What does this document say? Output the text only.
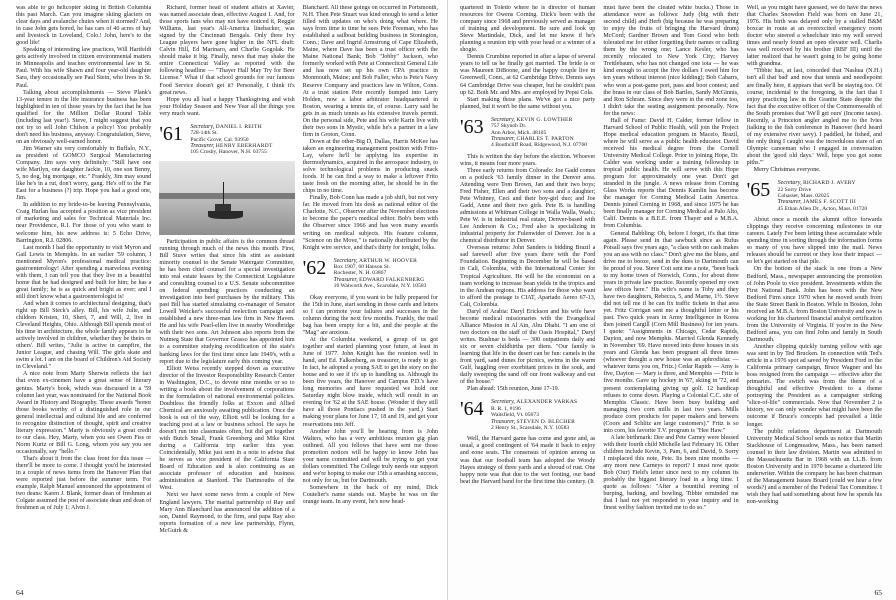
was able to go helicopter skiing in British Columbia this past March. Can you imagine skiing glaciers on clear days and avalanche chutes when it stormed? And, in case John gets bored, he has cars of 40 acres of hay and livestock in Loveland, Colo.! John, here's to the good life!

Speaking of interesting law practices, Will Hartfeldt gets actively involved in citizen environmental matters in Minneapolis and teaches environmental law in St. Paul. With his wife Shawn and four year-old daughter Sara, they occasionally see Paul Stein, who lives in St. Paul.

Talking about accomplishments — Steve Plank's 13-year tenure in the life insurance business has been highlighted in ten of those years by the fact that he has qualified for the Million Dollar Round Table (including last year!). Steve, I might suggest that you not try to sell John Chilson a policy! You probably don't need his business, anyway. Congratulation, Steve, on an obviously well-earned honor.

Jim Warner sits very comfortably in Buffalo, N.Y., as president of GOMCO Surgical Manufacturing Company. Jim says very definitely: "Still have one wife Marilyn, one daughter Jackie, 10, one son Benny, 5, no dog, big mortgage, etc." Frankly, Jim may sound like he's in a rut, don't worry, gang. He's off to the Far East for a business (?) trip. Hope you had a good one, Jim.

In addition to my bride-to-be leaving Pennsylvania, Craig Harlan has accepted a position as vice president of marketing and sales for Technical Materials Inc. near Providence, R.I. For those of you who want to welcome him, his new address is: 5 Echo Drive, Barrington, R.I. 02806.

Last month I had the opportunity to visit Myron and Gail Lewis in Memphis. In an earlier '59 column, I mentioned Myron's professional medical practice: gastroenterology! After spending a marvelous evening with them, I can tell you that they live in a beautiful home that he had designed and built for him; he has a great family; he is as quick and bright as ever; and I still don't know what a gastroenterologist is!

And when it comes to architectural designing, that's right up Bill Steck's alley. Bill, his wife Julie, and children Kristen, 10, Sheri, 7, and Will, 2, live in Cleveland Heights, Ohio. Although Bill spends most of his time in architecture, the whole family appears to be actively involved in children, whether they be theirs or others'. Bill writes, "Julie is active in campfire, the Junior League, and chasing Will. The girls skate and swim a lot. I am on the board of Children's Aid Society in Cleveland."

A nice note from Marty Sherwin reflects the fact that even ex-cinemen have a great sense of literary genius. Marty's book, which was discussed in a '59 column last year, was nominated for the National Book Award in History and Biography. These awards "honor those books worthy of a distinguished role in our general intellectual and cultural life and are conferred to recognize distinction of thought, spirit and creative literary expression." Marty is obviously a great credit to our class. Hey, Marty, when you see Owen Fiss or Norm Kurtz or Bill G. Long, whom you say you see occasionally, say "hello."

That's about it from the class front for this issue — there'll be more to come. I thought you'd be interested in a couple of news items from the Hanover Plan that were reported just before the summer term. For example, Ralph Manuel announced the appointment of two deans: Karen J. Blank, former dean of freshmen at Colgate assumed the post of associate dean and dean of freshmen as of July 1; Alvin J.

Richard, former head of student affairs at Xavier, was named associate dean, effective August 1. And, for those sports fans who may not have noticed it, Reggie Williams, last year's All-America linebacker, was signed by the Cincinnati Bengals. Only three Ivy League players have gone higher in the NFL draft: Calvin Hill, Ed Marinaro, and Charlie Gogolak. He should make it big. Finally, news that may shake the entire Connecticut Valley as reported with the following headline — "Thayer Hall May Try for Beer License." What if that school grounds for our famous Food Service doesn't get it? Personally, I think it's great news.

Hope you all had a happy Thanksgiving and wish your Holiday Season and New Year all the things you very much want.

'61	Secretary, DANIEL I. REITH
728-14th St.
Pacific Grove, Cal. 93950
Treasurer, HENRY EBERHARDT
105 Crosby, Hanover, N.H. 03755

Participation in public affairs is the common thread running through much of the news this month. First, Bill Stuve writes that since his stint as assistant minority counsel to the Senate Watergate Committee, he has been chief counsel for a special investigation into real estate leases by the Connecticut Legislature and consulting counsel to a U.S. Senate subcommittee on federal spending practices conducting an investigation into beef purchases by the military. This past Bill has started simulating co-manager of Senator Lowell Weicker's successful reelection campaign and established a new three-man law firm in New Haven. He and his wife Pearl-ellen live in nearby Woodbridge with their two sons. Art Johnson also reports from the Nutmeg State that Governor Grasso has appointed him to a committee studying recodification of the state's banking laws for the first time since late 1949's, with a report due to the legislature early this coming year.

Elliott Weiss recently stepped down as executive director of the Investor Responsibility Research Center in Washington, D.C., to devote nine months or so to writing a book about the involvement of corporations in the formulation of national environmental policies. Doubtless the friendly folks at Exxon and Allied Chemical are anxiously awaiting publication. Once the book is out of the way, Elliott will be looking for a teaching post at a law or business school. He says he doesn't run into classmates often, but did get together with Butch Small, Frank Greenberg and Mike Kirst during a California trip earlier this year. Coincidentally, Mike just sent in a note to advise that he serves as vice president of the California State Board of Education and is also continuing as an associate professor of education and business administration at Stanford. The Dartmouths of the West.

Next we have some news from a couple of New England lawyers. The marital partnership of Ray and Mary Ann Blanchard has announced the addition of a son, Daniel Raymond, to the firm, and papa Ray also reports formation of a new law partnership, Flynn, McGuirk &

Blanchard. All these goings on occurred in Portsmouth, N.H. Then Pete Stuart was kind enough to send a letter filled with updates on who's doing what where. He says from time to time he sees Pete Freeman, who has established a sailboat building business in Stonington, Conn.; Dave and Ingrid Armstrong of Cape Elizabeth, Maine, where Dave has been a trust officer with the Maine National Bank; Bob "Jobby" Jackson, who formerly worked with Pete at Connecticut General Life and has now set up his own CPA practice in Monmouth, Maine; and Bob Fuller, who is Pete's Navy Reserve Company and practices law in Wilton, Conn. At a trust station Pete recently bumped into Larry Holden, now a labor arbitrator headquartered in Boston, wearing a tennis tie, of course. Larry said he gets in as much tennis as his extensive travels permit. On the personal side, Pete and his wife Karin live with their two sons in Mystic, while he's a partner in a law firm in Groton, Conn.

Down at the other-Big D, Dallas, Harris McKee has taken an engineering management position with Frito-Lay, where he'll be applying his expertise in thermodynamics, acquired in the aerospace industry, to solve technological problems in producing snack foods. If he can find a way to make a leftover Frito taste fresh on the morning after, he should be in the chips in no time.

Finally, Bob Conn has made a job shift, but not very far. He moved from his desk as national editor of the Charlotte, N.C., Observer after the November elections to become the paper's medical editor. Bob's been with the Observer since 1966 and has won many awards writing on medical subjects. His feature column, "Science on the Move," is nationally distributed by the Knight wire service, and that's thirty for tonight, folks.

'62	Secretary, ARTHUR W. HOOVER
Box 1907, 60 Hanson St.
Rochester, N. H. 03867
Treasurer, EDWARD FALKENBERG
16 Walworth Ave., Scarsdale, N.Y. 10583

Okay everyone, if you want to be fully prepared for the 15th in June, start sending in those cards and letters so I can promote your failures and successes in the column during the next few months. Frankly, the mail bag has been empty for a bit, and the people at the "Mag" are anxious.

At the Columbia weekend, a group of us got together and started planning your future, at least in June of 1977. John Knight has the reunion well in hand, and Ed. Falkenberg, as treasurer, is ready to go. In fact, he adopted a young SAE to get the story on the house and to see if it's up to handling us. Although its been five years, the Hanover and Campus P.D.'s have long memories and have requested we hold our Saturday night blow inside, which will result in an evening for '62 at the SAE house. (Wonder if they still have all those Pontiacs pushed in the yard.) Start making your plans for June 17, 18 and 19, and get your reservations into Jeff.

Another John you'll be hearing from is John Walters, who has a very ambitious reunion gig plan outlined. All you fellows that have sent me those promotion notices will be happy to know John has your name committed and will be trying to get your dollars committed. The College truly needs our support and we're hoping to make our 15th a smashing success, not only for us, but for Dartmouth.

Somewhere in the back of my mind, Dick Coutelier's name stands out. Maybe he was on the orange team. In any event, he's now head-

64

quartered in Toledo where he is director of human resources for Owens Corning. Dick's been with the company since 1968 and previously served as manager of training and development. Be sure and look up Steve Martindale, Dick, and let me know if he's planning a reunion trip with your head or a winner of a shogie.

Dennis Crumbine reported in after a lapse of several years to tell us he finally got married. The bride is or was Maureen DiBoone, and the happy couple live in Greenwell, Conn., at 62 Cambridge Drive. Dennis says 64 Cambridge Drive was cheaper, but he couldn't pass up 62. Both Mr. and Mrs. are employed by Pepsi Cola.

Start making those plans. We've got a nice party planned, but it won't be the same without you.

'63	Secretary, KEVIN G. LOWTHER
757 Skynob Dr.
Ann Arbor, Mich. 48105
Treasurer, CHARLES T. PARTON
4 Bouthcliff Road, Ridgewood, N.J. 07760

This is written the day before the election. Whoever wins, it means four more years.

Three early returns from Colorado: Joe Gadd comes on a potluck '63 family dinner in the Denver area. Attending were Tom Brown, Jan and their two boys; Fred Fisher, Ellen and their two sons and a daughter; Pete Whitney, Ceci and their boy-girl duo; and Joe Gadd, Anne and their two girls. Pete B. is handling admissions at Whitman College in Walla Walla, Wash.; Pete W. is in industrial real estate, Denver-based with Lee Anderson & Co.; Fred also is specializing in industrial property for Fulenwider of Denver. Joe is a chemical distributor in Denver.

Overseas returns: John Sanders is bidding Brazil a sad farewell after five years there with the Ford Foundation. Beginning in December he will be based in Cali, Colombia, with the International Center for Tropical Agriculture. He will be the economist on a team working to increase bean yields in the tropics and in the Andean regions. His address for those who want to afford the postage is CIAT, Apartado Aereo 67-13, Cali, Colombia.

Daryl of Arabia: Daryl Erickson and his wife have become medical missionaries with the Evangelical Alliance Mission in Al Ain, Abu Dhabi. "I am one of two doctors on the staff of the Oasis Hospital," Daryl writes. Bushnar is beda — 300 outpatients daily and six or seven childbirths per diem. "Our family is learning that life in the desert can be fun: camels in the front yard, sand dunes for picnics, swims in the warm Gulf, haggling over exorbitant prices in the souk, and daily sweeping the sand off our front walkway and out of the house."

Plan ahead: 15th reunion, June 17-19.

'64	Secretary, ALEXANDER VARKAS
R. R. 1, #196
Waitsfield, Vt. 05673
Treasurer, STEVEN D. BLECHER
2 Henry St., Scarsdale, N.Y. 10583

Well, the Harvard game has come and gone and, as usual, a good contingent of '64 made it back to enjoy and eone seats. The consensus of opinion among us was that our football team has adopted the Woody Hayes strategy of three yards and a shroud of rust. One happy note was that due to the wet footing, our band beat the Harvard band for the first time this century. (It

must have been the cleated white bucks.) Those in attendance were as follows: Judy (big with their second child) and Herb (big because he was preparing to enjoy the fruits of bringing the Harvard drum) McCord; Gardner Brown and Tom Good who both tolerated me for either forgetting their names or calling them by the wrong one; Lance Kesler, who has recently relocated to New York City; Harvey Trettlebaum, who has not changed one iota — he was kind enough to accept the five dollars I owed him for ten years without interest (nice kidding); Bob Cabarrs, who won a post-game port, pass and boot contest; and the brass in our class of Bob Bartles, Sandy McGinnis, and Ron Schram. Since they were in the end zone too, I didn't take the seating assignment personally. Now for the news:

Hall of Fame: David H. Calder, former fellow in Harvard School of Public Health, will join the Project Hope medical education program in Maceio, Brazil, where he will serve as a public health educator. David received his medical degree from the Cornell University Medical College. Prior to joining Hope, Dr. Calder was working under a training fellowship in tropical public health. He will serve with this Hope program for approximately one year. Don't get stranded in the jungle. A news release from Corning Glass Works reports that Dennis Kamlin has become the manager for Corning Medical Latin America. Dennis joined Corning in 1968, and since 1975 he has been finally manager for Corning Medical at Palo Alto, Calif. Dennis is a B.E.E. from Thayer and a M.B.A. from Columbia.

General Babbling: Oh, before I forget, it's that time again. Please send in that sawbuck since as Rufus Potsall says five years ago, "a class with no cash makes you an ass with no class." Don't give me the blues, and drive me to booze, send in the dues to Dartmouth can be proud of you. Steve Coit sent me a note, "been back to my home town of Norwich, Conn., for about three years in private law practice. Recently opened my own law offices here." His wife's name is Toby and they have two daughters, Rebecca, 5, and Marne, 1½. Steve did not tell me if he can fix traffic tickets in that area yet. Fritz Corrigan sent me a thoughtful letter or his past. Two quick years in Army Intelligence in Korea then joined Cargill (Corn Mill Business) for ten years. I quote: "Assignments in Chicago, Cedar Rapids, Dayton, and now Memphis. Married Glenda Kennedy in November '69. Have moved into three houses in six years and Glenda has been pregnant all three times (whoever thought a new house was an aphrodisiac — whatever turns you on, Fritz.) Cedar Rapids — Amy is five, Dayton — Mary is three, and Memphis — Fritz is five months. Gave up hockey in '67, skiing in '72, and present contemplating giving up golf. 12 handicap refuses to come down. Playing a Colonial C.C. site of Memphis Classic. Have been busy building and managing two corn mills in last two years. Mills produce corn products for paper makers and brewers (Coors and Schlitz are large customers)." Fritz is so into corn, his favorite T.V. program is "Hee Haw."

A late birthmark: Dee and Pete Carney were blessed with their fourth child Michelle last February 16. Other children include Kevin, 3, Pam, 6, and David, 9. Sorry I misplaced this note, Pete. Its been nine months — any more new Carneys to report? I must now quote Bob (Our) Field's letter since next to my column its probably the biggest literary load in a long time. I quote as follows: "After a bountiful evening of burping, barking, and bowling, Tibbie reminded me that I had not yet responded to your inquiry and in finest welfsy fashion invited me to do so."

Well, as you might have guessed, we do have the news that Charles Snowdon Field was born on June 21, 1976. His birth was delayed only by a stalled B&M boxcar in route at an overexcited emergency room doctor who steered a wheelchair into my well served times and nearly found an open elevator well. Charlis was well received by his brother (RBF III) until the latter realized that he wasn't going to be going home with grandma.

"Tibbie has, at last, conceded that 'Nashua (N.H.) isn't all that bad' and now that tennis and needlepoint are finally here, it appears that we'll be staying too. Of course, incidental to the foregoing, is the fact that I enjoy practicing law in the Granite State despite the fact that the executive officer of the Commonwealth of the South promises that 'We'll get ours' (Income taxes). Recently, a Princeton angler angled me to the Ivies (talking to the fish conference in Hanover (he'd heard of my extensive river savy). I paddled, he fished, and the only thing I caught was the incredulous stare of an Olympic canoeman who I engaged in conversation about the 'good old days.' Well, hope you got some piths.'"

Merry Christmas everyone.

'65	Secretary, RICHARD J. AVERY
22 Surry Drive
Cohasset, Mass. 02025
Treasurer, JAMES F. SCOTT III
45 Ethan Allen Dr., Acton, Mass. 01720

About once a month the alumni office forwards clippings they receive concerning milestones in our careers. Lately I've been letting these accumulate while spending time in sorting through the information forms so many of you have slipped into the mail. News releases should be current or they lose their impact — so let's get started on that pile.

On the bottom of the stack is one from a New Bedford, Mass., newspaper announcing the promotion of John Poole to vice president. Investments within the First National Bank. John has been with the New Bedford Firm since 1970 when he moved south from the State Street Bank in Boston. While in Boston, John received an M.B.A. from Boston University and now is working for his chartered financial analyst certification from the University of Virginia. If you're in the New Bedford area, you can find John and family in South Dartmouth.

Another clipping quickly turning yellow with age was sent in by Ted Brucken. In connection with Ted's article in a 1976 spot ad saved by President Ford in the California primary campaign, Bruce Wagner and his boss resigned from the campaign — effective after the primaries. The switch was from the theme of a thoughtful and effective President to a theme portraying the President as a campaigner striking "slice-of-life" commercials. Now that November 2 is history, we can only wonder what might have been the outcome if Bruce's concepts had prevailed a little longer.

The public relations department at Dartmouth University Medical School sends us notice that Martin Stackhouse of Longmeadow, Mass., has been named counsel to their law division. Martin was admitted to the Massachusetts Bar in 1968 with an LL.B. from Boston University and in 1970 became a chartered life underwriter. Within the company he has been chairman of the Management Issues Board (could we hear a few words?) and a member of the Federal Tax Committee. I wish they had said something about how he spends his non-working

65
